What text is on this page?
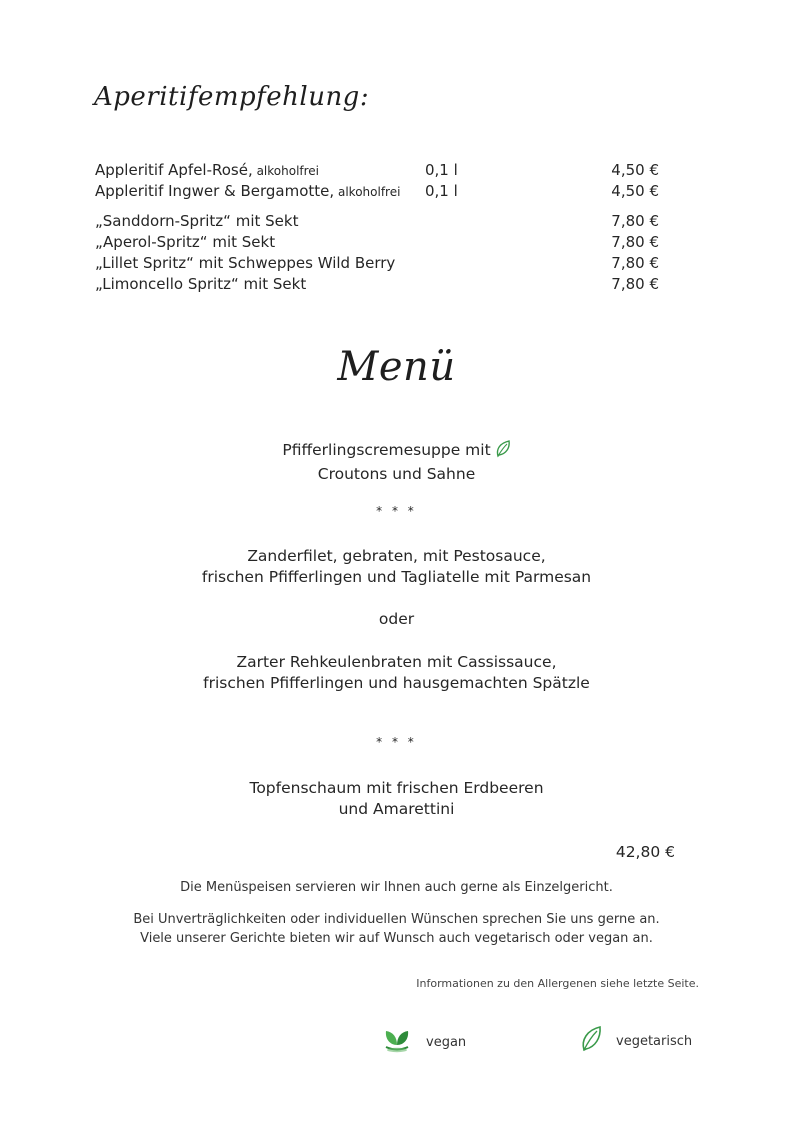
Aperitifempfehlung:
Appleritif Apfel-Rosé, alkoholfrei	0,1 l	4,50 €
Appleritif Ingwer & Bergamotte, alkoholfrei 0,1 l	4,50 €
„Sanddorn-Spritz“ mit Sekt	7,80 €
„Aperol-Spritz“ mit Sekt	7,80 €
„Lillet Spritz“ mit Schweppes Wild Berry	7,80 €
„Limoncello Spritz“ mit Sekt	7,80 €
Menü
Pfifferlingscremesuppe mit
Croutons und Sahne
* * *
Zanderfilet, gebraten, mit Pestosauce,
frischen Pfifferlingen und Tagliatelle mit Parmesan
oder
Zarter Rehkeulenbraten mit Cassissauce,
frischen Pfifferlingen und hausgemachten Spätzle
* * *
Topfenschaum mit frischen Erdbeeren
und Amarettini
42,80 €
Die Menüspeisen servieren wir Ihnen auch gerne als Einzelgericht.
Bei Unverträglichkeiten oder individuellen Wünschen sprechen Sie uns gerne an.
Viele unserer Gerichte bieten wir auf Wunsch auch vegetarisch oder vegan an.
Informationen zu den Allergenen siehe letzte Seite.
vegan	vegetarisch
